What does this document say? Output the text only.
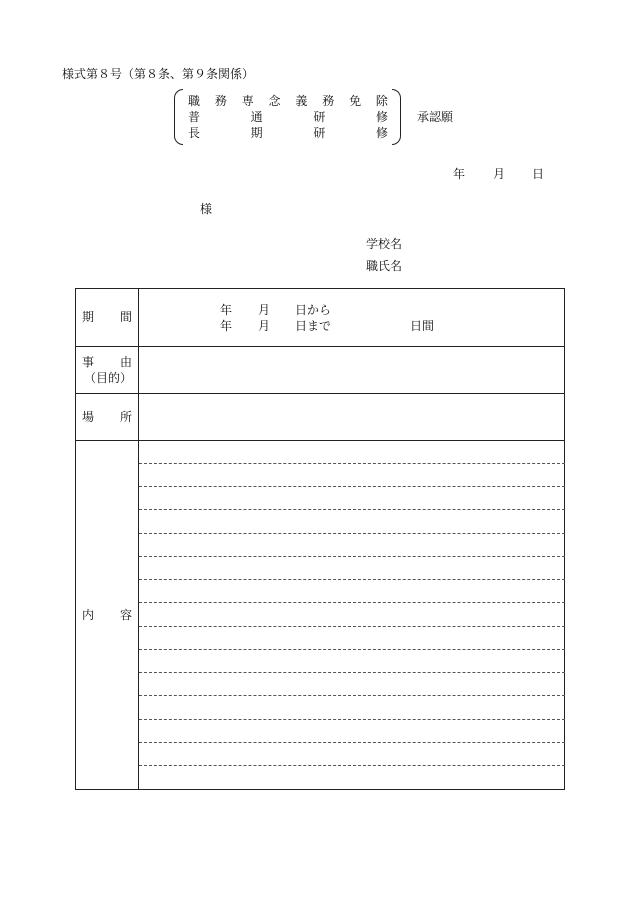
様式第８号（第８条、第９条関係）
職 務 専 念 義 務 免 除
普	通	研	修
長	期	研	修
承認願
年 月 日
様
学校名
職氏名
期 間	年 月 日から
年 月 日まで	日間
事 由
（目的）
場 所
内 容
